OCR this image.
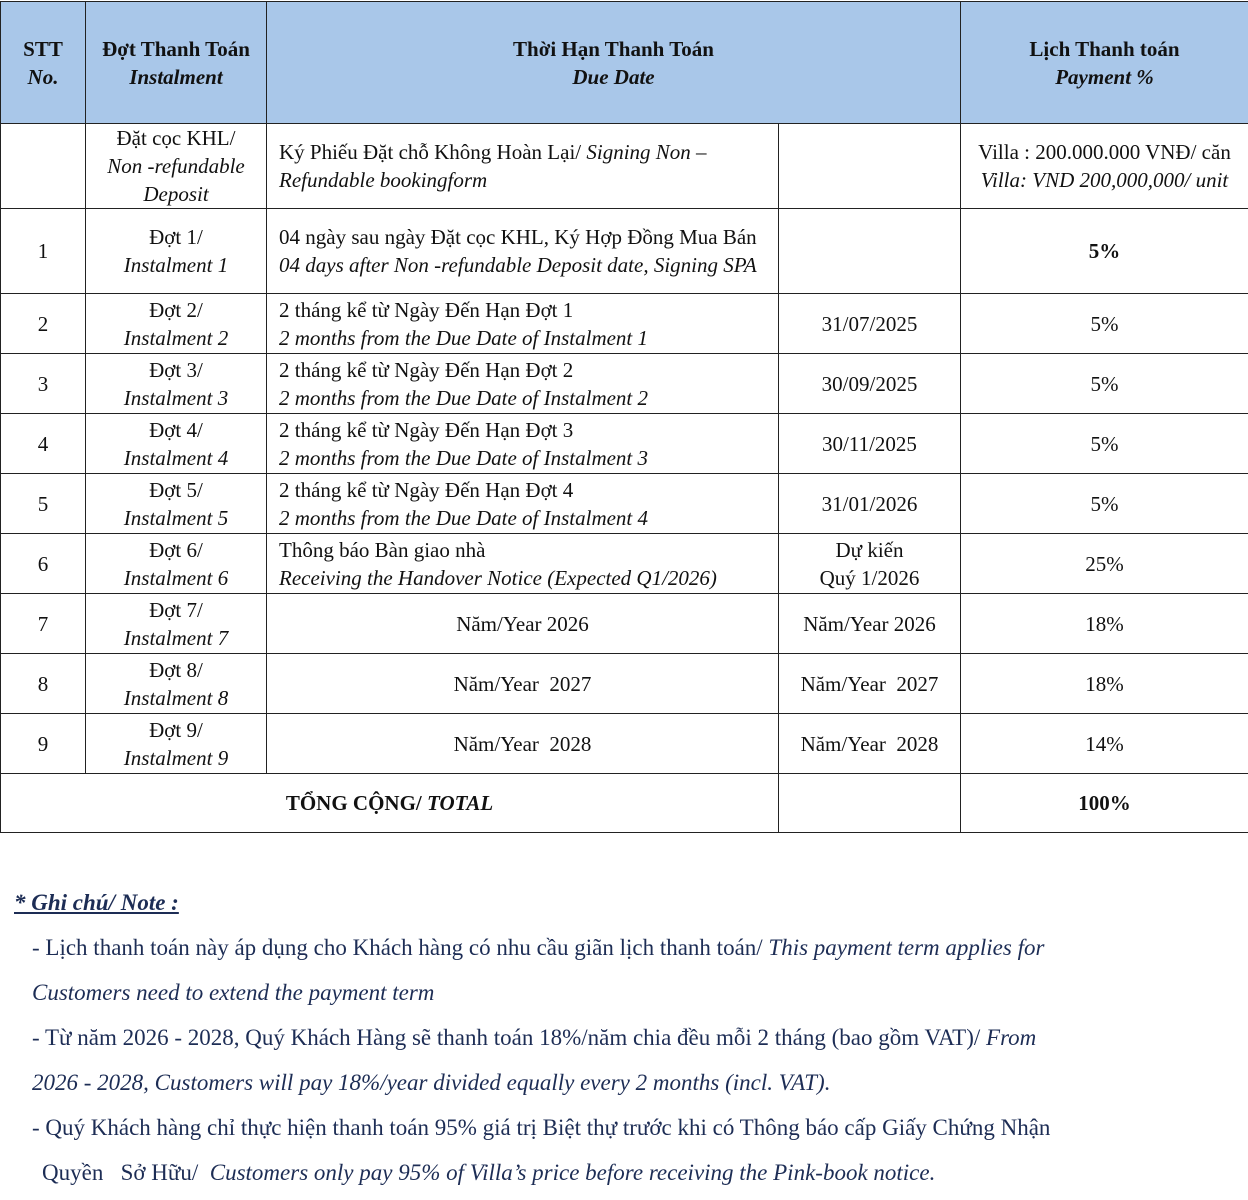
STT
No.	Đợt Thanh Toán
Instalment	Thời Hạn Thanh Toán
Due Date		Lịch Thanh toán
Payment %

	Đặt cọc KHL/
Non -refundable
Deposit	Ký Phiếu Đặt chỗ Không Hoàn Lại/ Signing Non – Refundable bookingform		Villa : 200.000.000 VNĐ/ căn
Villa: VND 200,000,000/ unit
1	Đợt 1/
Instalment 1	04 ngày sau ngày Đặt cọc KHL, Ký Hợp Đồng Mua Bán
04 days after Non -refundable Deposit date, Signing SPA		5%
2	Đợt 2/
Instalment 2	2 tháng kể từ Ngày Đến Hạn Đợt 1
2 months from the Due Date of Instalment 1	31/07/2025	5%
3	Đợt 3/
Instalment 3	2 tháng kể từ Ngày Đến Hạn Đợt 2
2 months from the Due Date of Instalment 2	30/09/2025	5%
4	Đợt 4/
Instalment 4	2 tháng kể từ Ngày Đến Hạn Đợt 3
2 months from the Due Date of Instalment 3	30/11/2025	5%
5	Đợt 5/
Instalment 5	2 tháng kể từ Ngày Đến Hạn Đợt 4
2 months from the Due Date of Instalment 4	31/01/2026	5%
6	Đợt 6/
Instalment 6	Thông báo Bàn giao nhà
Receiving the Handover Notice (Expected Q1/2026)	Dự kiến
Quý 1/2026	25%
7	Đợt 7/
Instalment 7	Năm/Year 2026	Năm/Year 2026	18%
8	Đợt 8/
Instalment 8	Năm/Year  2027	Năm/Year  2027	18%
9	Đợt 9/
Instalment 9	Năm/Year  2028	Năm/Year  2028	14%
TỔNG CỘNG/ TOTAL				100%
* Ghi chú/ Note :
- Lịch thanh toán này áp dụng cho Khách hàng có nhu cầu giãn lịch thanh toán/ This payment term applies for
Customers need to extend the payment term
- Từ năm 2026 - 2028, Quý Khách Hàng sẽ thanh toán 18%/năm chia đều mỗi 2 tháng (bao gồm VAT)/ From
2026 - 2028, Customers will pay 18%/year divided equally every 2 months (incl. VAT).
- Quý Khách hàng chỉ thực hiện thanh toán 95% giá trị Biệt thự trước khi có Thông báo cấp Giấy Chứng Nhận
Quyền   Sở Hữu/  Customers only pay 95% of Villa’s price before receiving the Pink-book notice.
